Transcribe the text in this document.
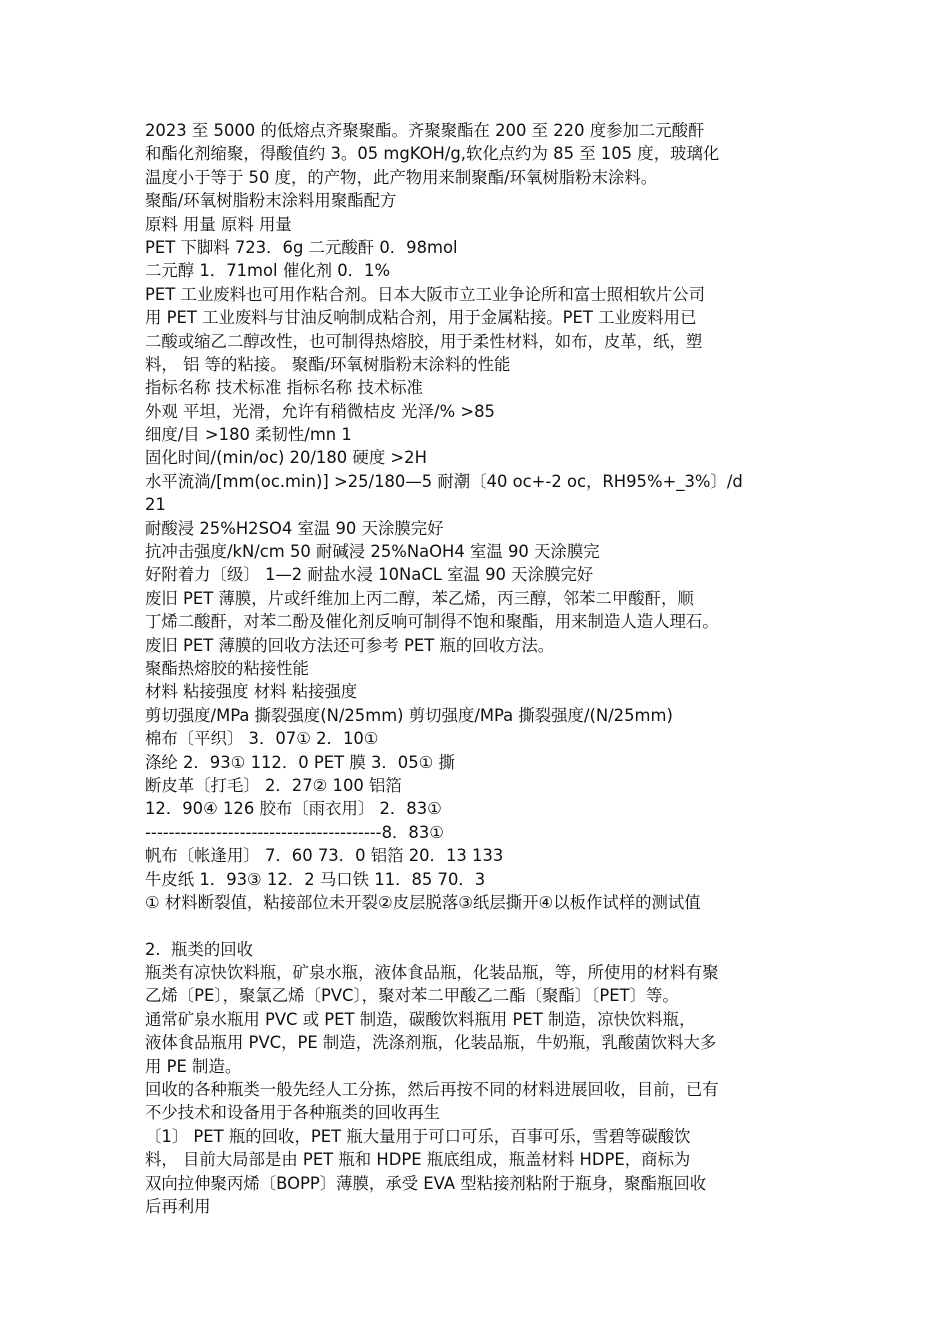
2023 至 5000 的低熔点齐聚聚酯。齐聚聚酯在 200 至 220 度参加二元酸酐
和酯化剂缩聚，得酸值约 3。05 mgKOH/g,软化点约为 85 至 105 度，玻璃化
温度小于等于 50 度，的产物，此产物用来制聚酯/环氧树脂粉末涂料。
聚酯/环氧树脂粉末涂料用聚酯配方
原料 用量 原料 用量
PET 下脚料 723．6g 二元酸酐 0．98mol
二元醇 1．71mol 催化剂 0．1%
PET 工业废料也可用作粘合剂。日本大阪市立工业争论所和富士照相软片公司
用 PET 工业废料与甘油反响制成粘合剂，用于金属粘接。PET 工业废料用已
二酸或缩乙二醇改性，也可制得热熔胶，用于柔性材料，如布，皮革，纸，塑
料， 铝 等的粘接。 聚酯/环氧树脂粉末涂料的性能
指标名称 技术标准 指标名称 技术标准
外观 平坦，光滑，允许有稍微桔皮 光泽/% >85
细度/目 >180 柔韧性/mn 1
固化时间/(min/oc) 20/180 硬度 >2H
水平流淌/[mm(oc.min)] >25/180—5 耐潮〔40 oc+-2 oc，RH95%+_3%〕/d
21
耐酸浸 25%H2SO4 室温 90 天涂膜完好
抗冲击强度/kN/cm 50 耐碱浸 25%NaOH4 室温 90 天涂膜完
好附着力〔级〕 1—2 耐盐水浸 10NaCL 室温 90 天涂膜完好
废旧 PET 薄膜，片或纤维加上丙二醇，苯乙烯，丙三醇，邻苯二甲酸酐，顺
丁烯二酸酐，对苯二酚及催化剂反响可制得不饱和聚酯，用来制造人造人理石。
废旧 PET 薄膜的回收方法还可参考 PET 瓶的回收方法。
聚酯热熔胶的粘接性能
材料 粘接强度 材料 粘接强度
剪切强度/MPa 撕裂强度(N/25mm) 剪切强度/MPa 撕裂强度/(N/25mm)
棉布〔平织〕 3．07① 2．10①
涤纶 2．93① 112．0 PET 膜 3．05① 撕
断皮革〔打毛〕 2．27② 100 铝箔
12．90④ 126 胶布〔雨衣用〕 2．83①
----------------------------------------8．83①
帆布〔帐逢用〕 7．60 73．0 铝箔 20．13 133
牛皮纸 1．93③ 12．2 马口铁 11．85 70．3
① 材料断裂值，粘接部位未开裂②皮层脱落③纸层撕开④以板作试样的测试值
2.  瓶类的回收
瓶类有凉快饮料瓶，矿泉水瓶，液体食品瓶，化装品瓶，等，所使用的材料有聚
乙烯〔PE〕，聚氯乙烯〔PVC〕，聚对苯二甲酸乙二酯〔聚酯〕〔PET〕等。
通常矿泉水瓶用 PVC 或 PET 制造，碳酸饮料瓶用 PET 制造，凉快饮料瓶，
液体食品瓶用 PVC，PE 制造，洗涤剂瓶，化装品瓶，牛奶瓶，乳酸菌饮料大多
用 PE 制造。
回收的各种瓶类一般先经人工分拣，然后再按不同的材料进展回收，目前，已有
不少技术和设备用于各种瓶类的回收再生
〔1〕 PET 瓶的回收，PET 瓶大量用于可口可乐，百事可乐，雪碧等碳酸饮
料， 目前大局部是由 PET 瓶和 HDPE 瓶底组成，瓶盖材料 HDPE，商标为
双向拉伸聚丙烯〔BOPP〕薄膜，承受 EVA 型粘接剂粘附于瓶身，聚酯瓶回收
后再利用
